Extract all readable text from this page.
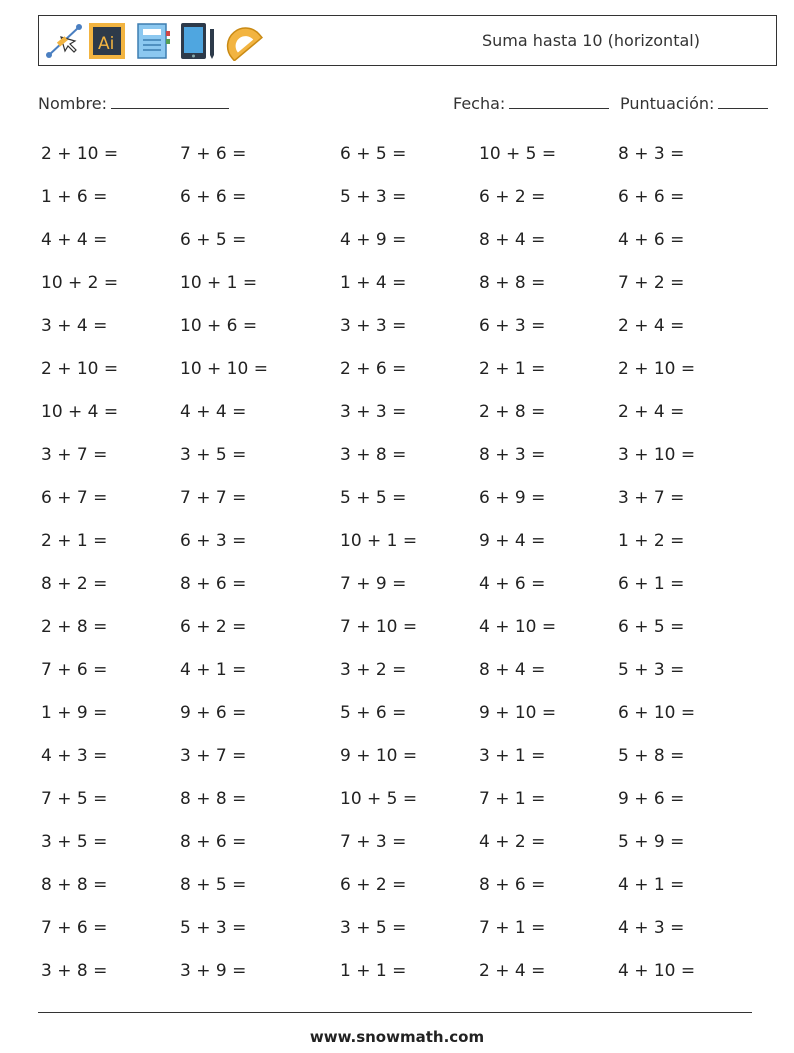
Ai	Suma hasta 10 (horizontal)
Nombre:	Fecha:	Puntuación:
2 + 10 =	7 + 6 =	6 + 5 =	10 + 5 =	8 + 3 =
1 + 6 =	6 + 6 =	5 + 3 =	6 + 2 =	6 + 6 =
4 + 4 =	6 + 5 =	4 + 9 =	8 + 4 =	4 + 6 =
10 + 2 =	10 + 1 =	1 + 4 =	8 + 8 =	7 + 2 =
3 + 4 =	10 + 6 =	3 + 3 =	6 + 3 =	2 + 4 =
2 + 10 =	10 + 10 =	2 + 6 =	2 + 1 =	2 + 10 =
10 + 4 =	4 + 4 =	3 + 3 =	2 + 8 =	2 + 4 =
3 + 7 =	3 + 5 =	3 + 8 =	8 + 3 =	3 + 10 =
6 + 7 =	7 + 7 =	5 + 5 =	6 + 9 =	3 + 7 =
2 + 1 =	6 + 3 =	10 + 1 =	9 + 4 =	1 + 2 =
8 + 2 =	8 + 6 =	7 + 9 =	4 + 6 =	6 + 1 =
2 + 8 =	6 + 2 =	7 + 10 =	4 + 10 =	6 + 5 =
7 + 6 =	4 + 1 =	3 + 2 =	8 + 4 =	5 + 3 =
1 + 9 =	9 + 6 =	5 + 6 =	9 + 10 =	6 + 10 =
4 + 3 =	3 + 7 =	9 + 10 =	3 + 1 =	5 + 8 =
7 + 5 =	8 + 8 =	10 + 5 =	7 + 1 =	9 + 6 =
3 + 5 =	8 + 6 =	7 + 3 =	4 + 2 =	5 + 9 =
8 + 8 =	8 + 5 =	6 + 2 =	8 + 6 =	4 + 1 =
7 + 6 =	5 + 3 =	3 + 5 =	7 + 1 =	4 + 3 =
3 + 8 =	3 + 9 =	1 + 1 =	2 + 4 =	4 + 10 =
www.snowmath.com
